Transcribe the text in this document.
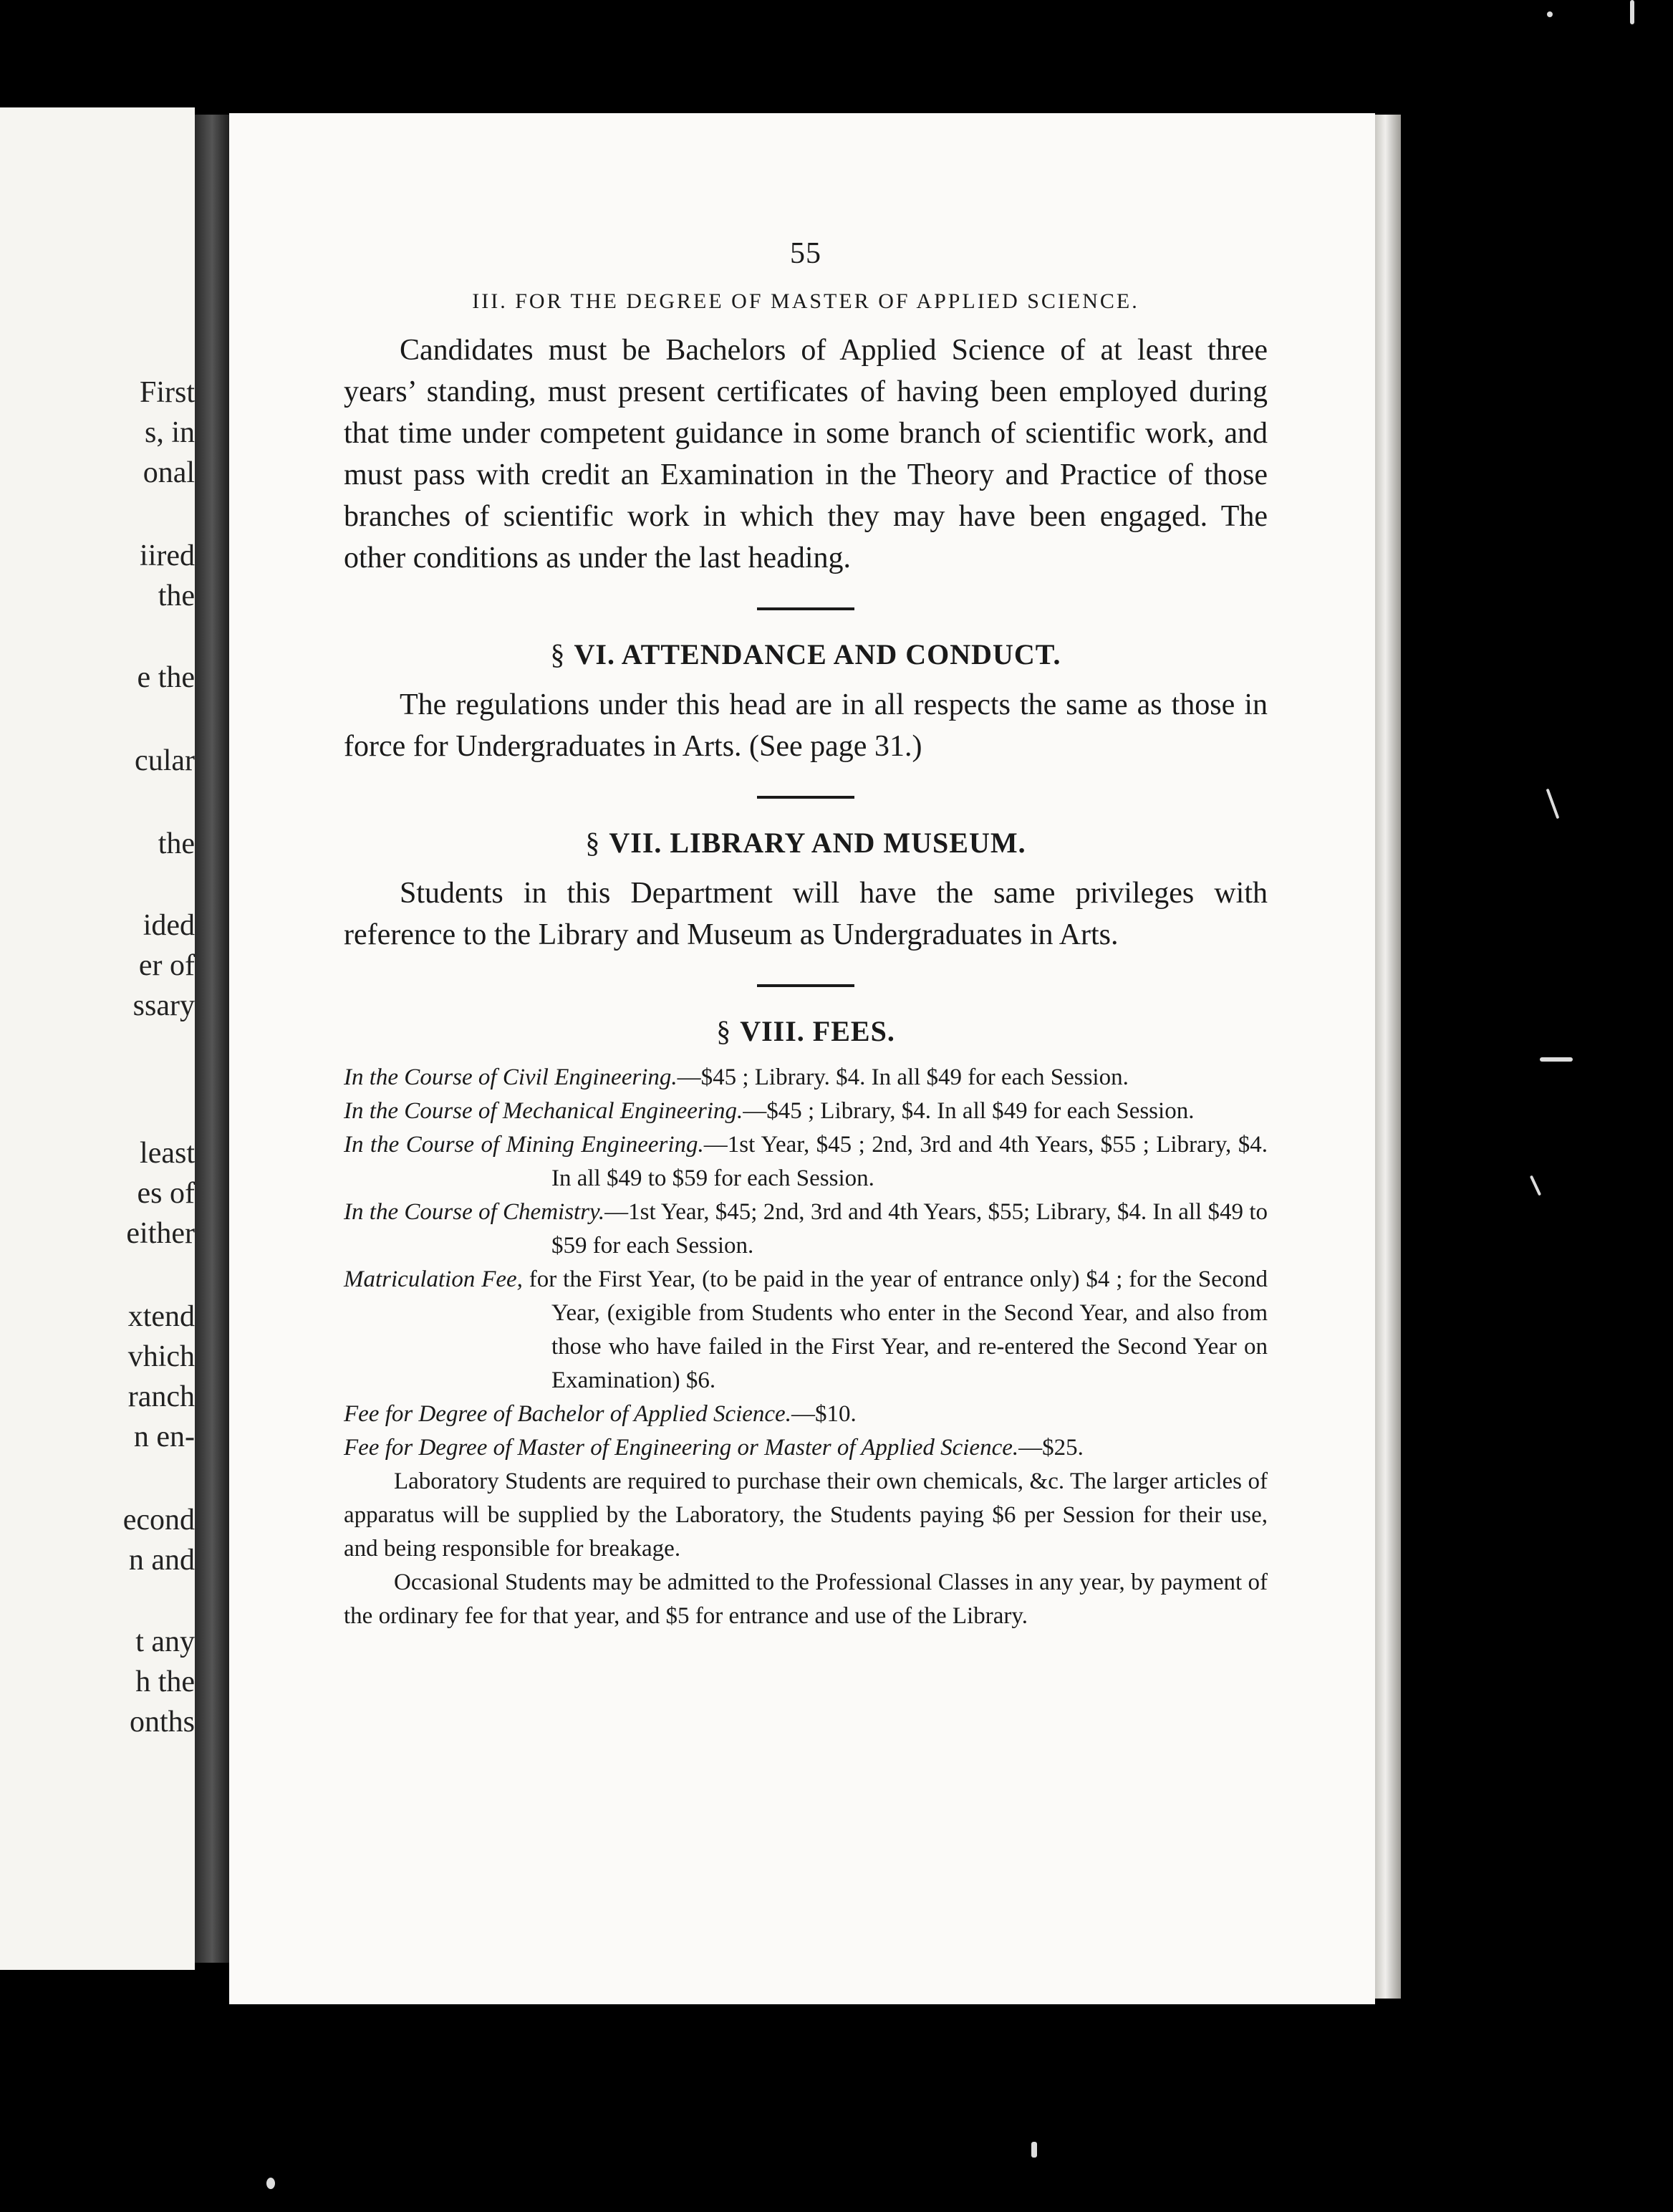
First

s, in

onal

iired

the

e the

cular

the

ided

er of

ssary

least

es of

either

xtend

vhich

ranch

n en-

econd

n and

t any

h the

onths

55

III. FOR THE DEGREE OF MASTER OF APPLIED SCIENCE.

Candidates must be Bachelors of Applied Science of at least three years’ standing, must present certificates of having been employed during that time under competent guidance in some branch of scientific work, and must pass with credit an Examination in the Theory and Practice of those branches of scientific work in which they may have been engaged. The other conditions as under the last heading.

§ VI. ATTENDANCE AND CONDUCT.

The regulations under this head are in all respects the same as those in force for Undergraduates in Arts. (See page 31.)

§ VII. LIBRARY AND MUSEUM.

Students in this Department will have the same privileges with reference to the Library and Museum as Undergraduates in Arts.

§ VIII. FEES.

In the Course of Civil Engineering.—$45 ; Library. $4. In all $49 for each Session.

In the Course of Mechanical Engineering.—$45 ; Library, $4. In all $49 for each Session.

In the Course of Mining Engineering.—1st Year, $45 ; 2nd, 3rd and 4th Years, $55 ; Library, $4. In all $49 to $59 for each Session.

In the Course of Chemistry.—1st Year, $45; 2nd, 3rd and 4th Years, $55; Library, $4. In all $49 to $59 for each Session.

Matriculation Fee, for the First Year, (to be paid in the year of entrance only) $4 ; for the Second Year, (exigible from Students who enter in the Second Year, and also from those who have failed in the First Year, and re-entered the Second Year on Examination) $6.

Fee for Degree of Bachelor of Applied Science.—$10.

Fee for Degree of Master of Engineering or Master of Applied Science.—$25.

Laboratory Students are required to purchase their own chemicals, &c. The larger articles of apparatus will be supplied by the Laboratory, the Students paying $6 per Session for their use, and being responsible for breakage.

Occasional Students may be admitted to the Professional Classes in any year, by payment of the ordinary fee for that year, and $5 for entrance and use of the Library.
